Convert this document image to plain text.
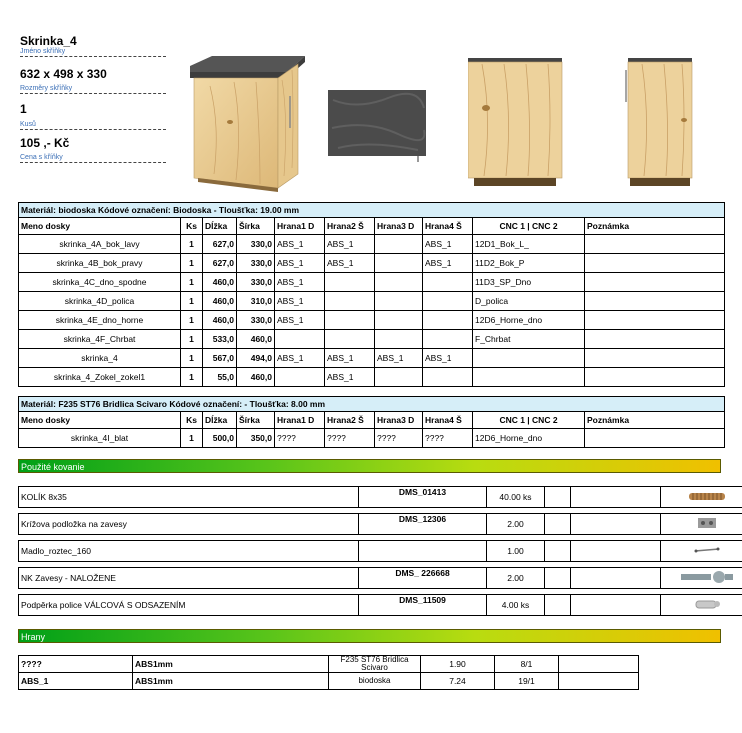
Skrinka_4
Jméno skříňky
632 x 498 x 330
Rozměry skříňky
1
Kusů
105 ,- Kč
Cena s kříňky
Materiál: biodoska Kódové označení: Biodoska - Tloušťka: 19.00 mm									
Meno dosky	Ks	Dĺžka	Šírka	Hrana1 D	Hrana2 Š	Hrana3 D	Hrana4 Š	CNC 1 | CNC 2	Poznámka
skrinka_4A_bok_lavy	1	627,0	330,0	ABS_1	ABS_1		ABS_1	12D1_Bok_L_	
skrinka_4B_bok_pravy	1	627,0	330,0	ABS_1	ABS_1		ABS_1	11D2_Bok_P	
skrinka_4C_dno_spodne	1	460,0	330,0	ABS_1				11D3_SP_Dno	
skrinka_4D_polica	1	460,0	310,0	ABS_1				D_polica	
skrinka_4E_dno_horne	1	460,0	330,0	ABS_1				12D6_Horne_dno	
skrinka_4F_Chrbat	1	533,0	460,0					F_Chrbat	
skrinka_4	1	567,0	494,0	ABS_1	ABS_1	ABS_1	ABS_1		
skrinka_4_Zokel_zokel1	1	55,0	460,0		ABS_1				
Materiál: F235 ST76 Bridlica Scivaro Kódové označení: - Tloušťka: 8.00 mm									
Meno dosky	Ks	Dĺžka	Šírka	Hrana1 D	Hrana2 Š	Hrana3 D	Hrana4 Š	CNC 1 | CNC 2	Poznámka
skrinka_4I_blat	1	500,0	350,0	????	????	????	????	12D6_Horne_dno	
Použité kovanie
KOLÍK 8x35	DMS_01413	40.00 ks			

Krížova podložka na zavesy	DMS_12306	2.00			

Madlo_roztec_160		1.00			

NK Zavesy - NALOŽENE	DMS_ 226668	2.00			

Podpěrka police VÁLCOVÁ S ODSAZENÍM	DMS_11509	4.00 ks			
Hrany
????	ABS1mm	F235 ST76 Bridlica Scivaro	1.90	8/1	
ABS_1	ABS1mm	biodoska	7.24	19/1	
